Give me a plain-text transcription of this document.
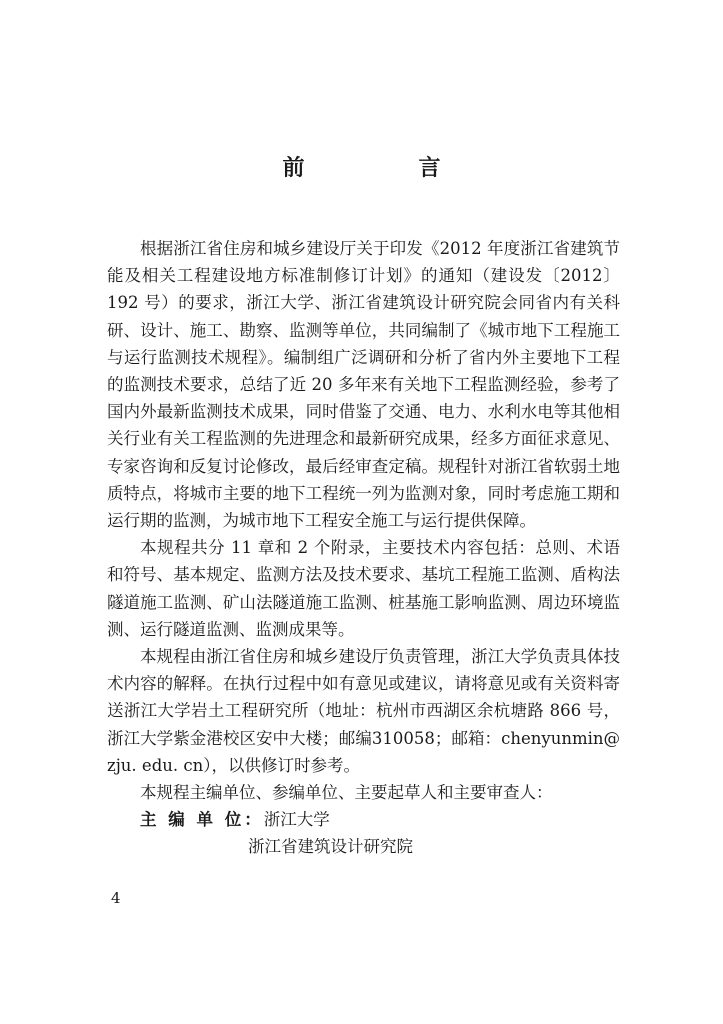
前　言

根据浙江省住房和城乡建设厅关于印发《2012 年度浙江省建筑节能及相关工程建设地方标准制修订计划》的通知（建设发〔2012〕192 号）的要求，浙江大学、浙江省建筑设计研究院会同省内有关科研、设计、施工、勘察、监测等单位，共同编制了《城市地下工程施工与运行监测技术规程》。编制组广泛调研和分析了省内外主要地下工程的监测技术要求，总结了近 20 多年来有关地下工程监测经验，参考了国内外最新监测技术成果，同时借鉴了交通、电力、水利水电等其他相关行业有关工程监测的先进理念和最新研究成果，经多方面征求意见、专家咨询和反复讨论修改，最后经审查定稿。规程针对浙江省软弱土地质特点，将城市主要的地下工程统一列为监测对象，同时考虑施工期和运行期的监测，为城市地下工程安全施工与运行提供保障。

本规程共分 11 章和 2 个附录，主要技术内容包括：总则、术语和符号、基本规定、监测方法及技术要求、基坑工程施工监测、盾构法隧道施工监测、矿山法隧道施工监测、桩基施工影响监测、周边环境监测、运行隧道监测、监测成果等。

本规程由浙江省住房和城乡建设厅负责管理，浙江大学负责具体技术内容的解释。在执行过程中如有意见或建议，请将意见或有关资料寄送浙江大学岩土工程研究所（地址：杭州市西湖区余杭塘路 866 号，浙江大学紫金港校区安中大楼；邮编310058；邮箱：chenyunmin@ zju. edu. cn），以供修订时参考。

本规程主编单位、参编单位、主要起草人和主要审查人：

主 编 单 位：浙江大学

浙江省建筑设计研究院

4
